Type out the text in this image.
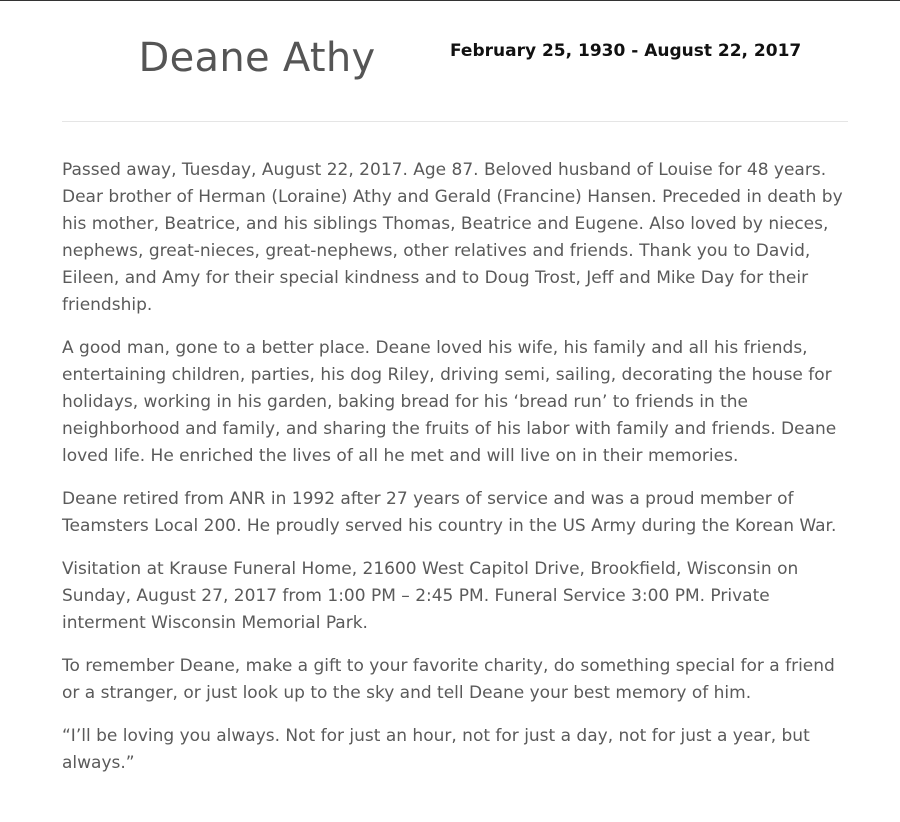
Deane Athy	February 25, 1930 - August 22, 2017

Passed away, Tuesday, August 22, 2017. Age 87. Beloved husband of Louise for 48 years. Dear brother of Herman (Loraine) Athy and Gerald (Francine) Hansen. Preceded in death by his mother, Beatrice, and his siblings Thomas, Beatrice and Eugene. Also loved by nieces, nephews, great-nieces, great-nephews, other relatives and friends. Thank you to David, Eileen, and Amy for their special kindness and to Doug Trost, Jeff and Mike Day for their friendship.

A good man, gone to a better place. Deane loved his wife, his family and all his friends, entertaining children, parties, his dog Riley, driving semi, sailing, decorating the house for holidays, working in his garden, baking bread for his ‘bread run’ to friends in the neighborhood and family, and sharing the fruits of his labor with family and friends. Deane loved life. He enriched the lives of all he met and will live on in their memories.

Deane retired from ANR in 1992 after 27 years of service and was a proud member of Teamsters Local 200. He proudly served his country in the US Army during the Korean War.

Visitation at Krause Funeral Home, 21600 West Capitol Drive, Brookfield, Wisconsin on Sunday, August 27, 2017 from 1:00 PM – 2:45 PM. Funeral Service 3:00 PM. Private interment Wisconsin Memorial Park.

To remember Deane, make a gift to your favorite charity, do something special for a friend or a stranger, or just look up to the sky and tell Deane your best memory of him.

“I’ll be loving you always. Not for just an hour, not for just a day, not for just a year, but always.”
